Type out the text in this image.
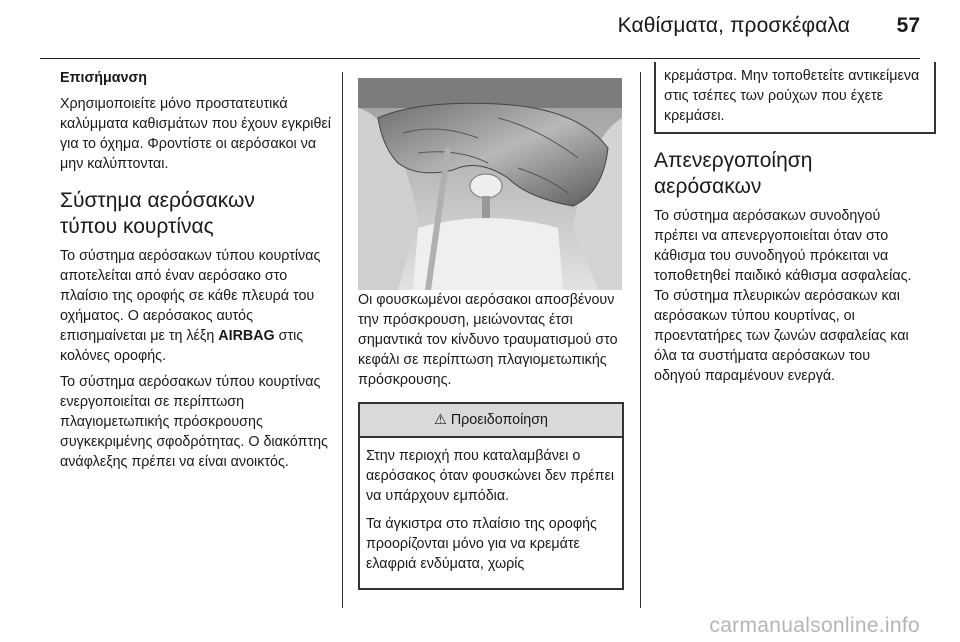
Καθίσματα, προσκέφαλα 57

Επισήμανση

Χρησιμοποιείτε μόνο προστατευτικά καλύμματα καθισμάτων που έχουν εγκριθεί για το όχημα. Φροντίστε οι αερόσακοι να μην καλύπτονται.

Σύστημα αερόσακων
τύπου κουρτίνας

Το σύστημα αερόσακων τύπου κουρτίνας αποτελείται από έναν αερόσακο στο πλαίσιο της οροφής σε κάθε πλευρά του οχήματος. Ο αερόσακος αυτός επισημαίνεται με τη λέξη AIRBAG στις κολόνες οροφής.

Το σύστημα αερόσακων τύπου κουρτίνας ενεργοποιείται σε περίπτωση πλαγιομετωπικής πρόσκρουσης συγκεκριμένης σφοδρότητας. Ο διακόπτης ανάφλεξης πρέπει να είναι ανοικτός.

Οι φουσκωμένοι αερόσακοι αποσβένουν την πρόσκρουση, μειώνοντας έτσι σημαντικά τον κίνδυνο τραυματισμού στο κεφάλι σε περίπτωση πλαγιομετωπικής πρόσκρουσης.

⚠ Προειδοποίηση

Στην περιοχή που καταλαμβάνει ο αερόσακος όταν φουσκώνει δεν πρέπει να υπάρχουν εμπόδια.

Τα άγκιστρα στο πλαίσιο της οροφής προορίζονται μόνο για να κρεμάτε ελαφριά ενδύματα, χωρίς

κρεμάστρα. Μην τοποθετείτε αντικείμενα στις τσέπες των ρούχων που έχετε κρεμάσει.
Απενεργοποίηση
αερόσακων

Το σύστημα αερόσακων συνοδηγού πρέπει να απενεργοποιείται όταν στο κάθισμα του συνοδηγού πρόκειται να τοποθετηθεί παιδικό κάθισμα ασφαλείας. Το σύστημα πλευρικών αερόσακων και αερόσακων τύπου κουρτίνας, οι προεντατήρες των ζωνών ασφαλείας και όλα τα συστήματα αερόσακων του οδηγού παραμένουν ενεργά.

carmanualsonline.info
